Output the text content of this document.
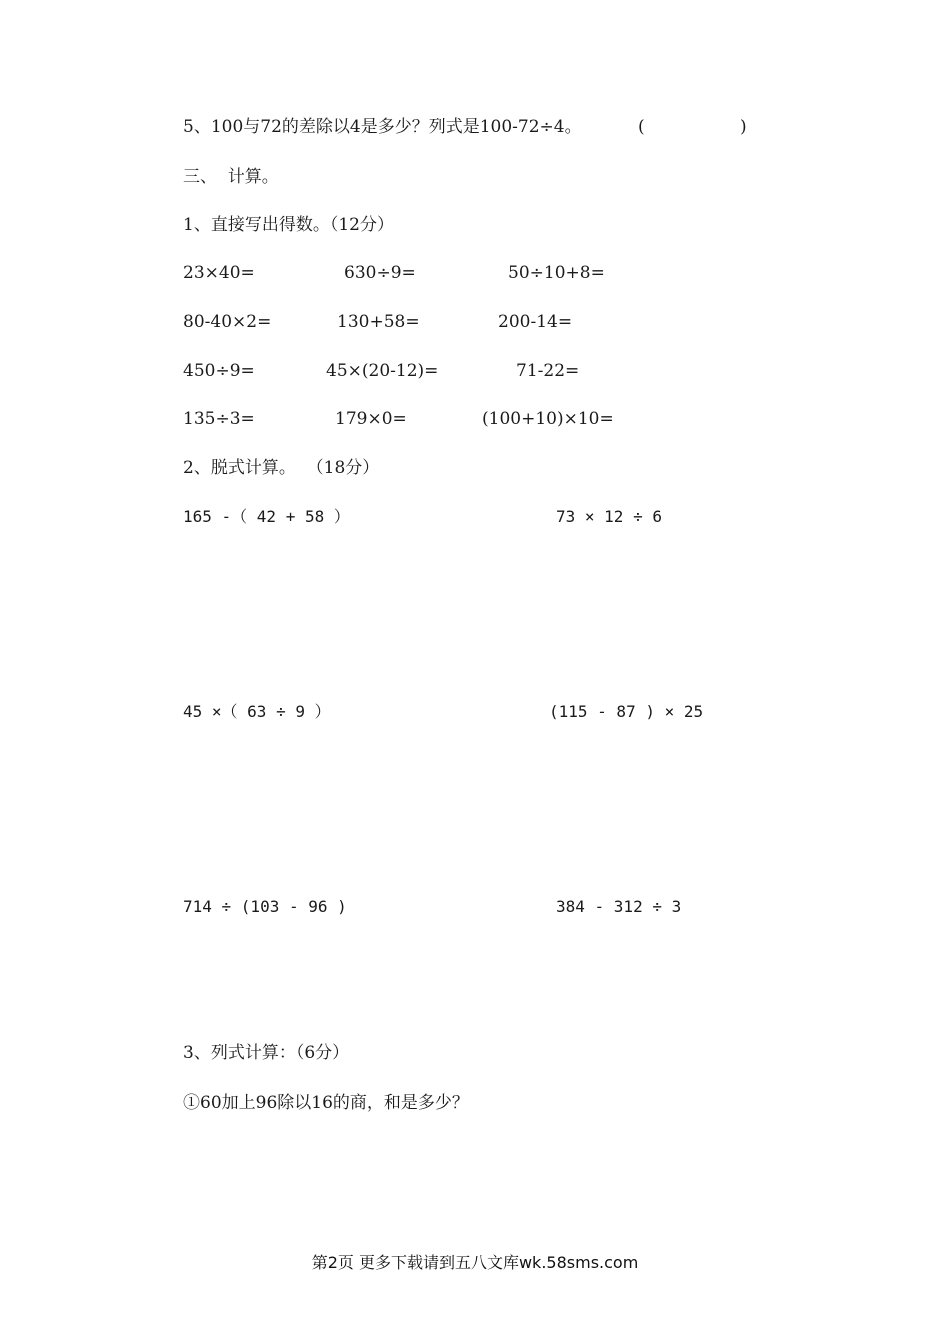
5、100与72的差除以4是多少？列式是100-72÷4。	(	)
三、  计算。
1、直接写出得数。（12分）
23×40=	630÷9=	50÷10+8=
80-40×2=	130+58=	200-14=
450÷9=	45×(20-12)=	71-22=
135÷3=	179×0=	(100+10)×10=
2、脱式计算。  （18分）
165 -（ 42 + 58 ）	73 × 12 ÷ 6
45 ×（ 63 ÷ 9 ）	(115 - 87 ) × 25
714 ÷ (103 - 96 )	384 - 312 ÷ 3
3、列式计算：（6分）
①60加上96除以16的商，和是多少？
第2页 更多下载请到五八文库wk.58sms.com
